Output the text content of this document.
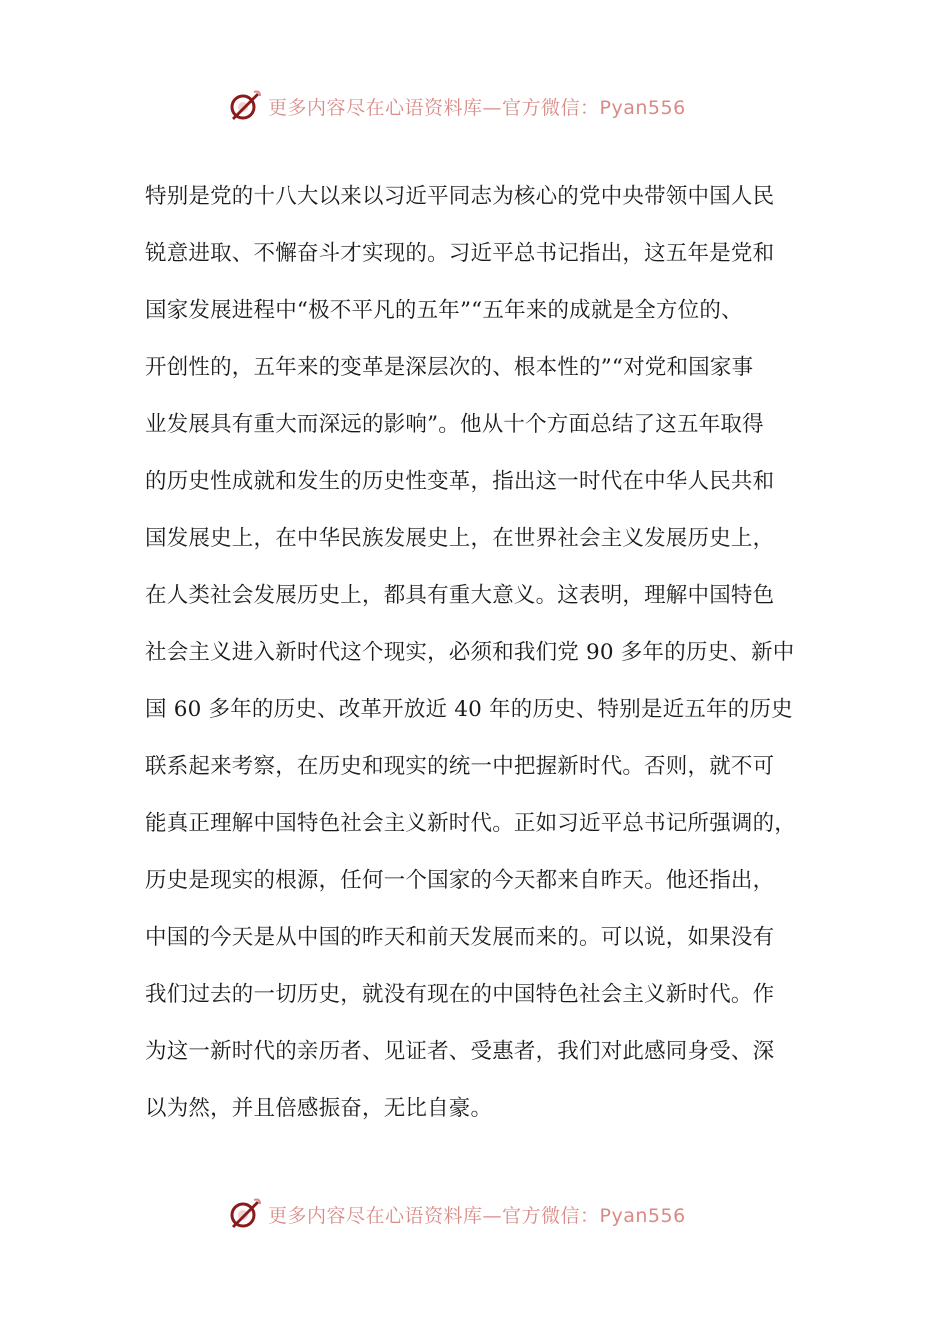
更多内容尽在心语资料库—官方微信：Pyan556
特别是党的十八大以来以习近平同志为核心的党中央带领中国人民
锐意进取、不懈奋斗才实现的。习近平总书记指出，这五年是党和
国家发展进程中“极不平凡的五年”“五年来的成就是全方位的、
开创性的，五年来的变革是深层次的、根本性的”“对党和国家事
业发展具有重大而深远的影响”。他从十个方面总结了这五年取得
的历史性成就和发生的历史性变革，指出这一时代在中华人民共和
国发展史上，在中华民族发展史上，在世界社会主义发展历史上，
在人类社会发展历史上，都具有重大意义。这表明，理解中国特色
社会主义进入新时代这个现实，必须和我们党 90 多年的历史、新中
国 60 多年的历史、改革开放近 40 年的历史、特别是近五年的历史
联系起来考察，在历史和现实的统一中把握新时代。否则，就不可
能真正理解中国特色社会主义新时代。正如习近平总书记所强调的，
历史是现实的根源，任何一个国家的今天都来自昨天。他还指出，
中国的今天是从中国的昨天和前天发展而来的。可以说，如果没有
我们过去的一切历史，就没有现在的中国特色社会主义新时代。作
为这一新时代的亲历者、见证者、受惠者，我们对此感同身受、深
以为然，并且倍感振奋，无比自豪。
更多内容尽在心语资料库—官方微信：Pyan556
